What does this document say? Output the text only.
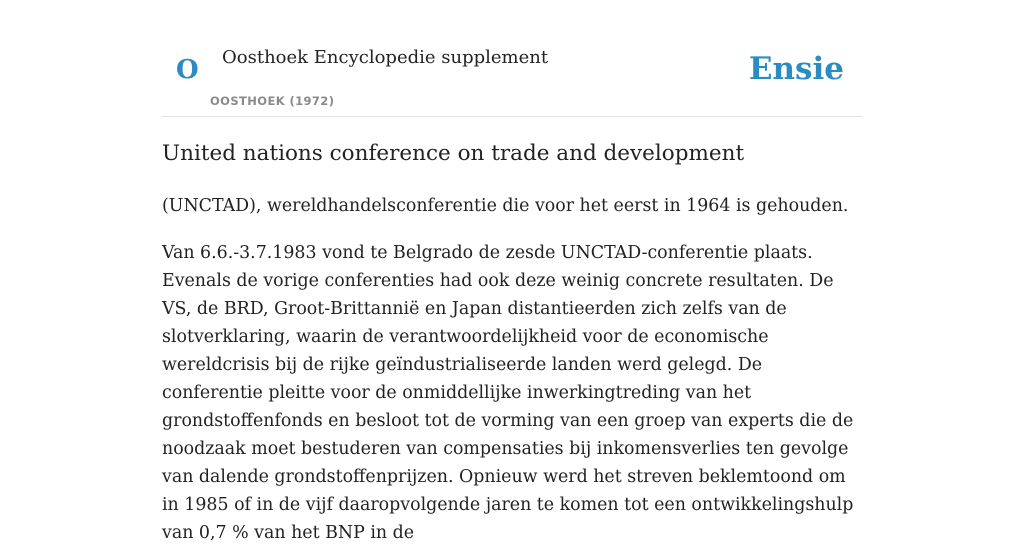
O Oosthoek Encyclopedie supplement
OOSTHOEK (1972)
Ensie
United nations conference on trade and development

(UNCTAD), wereldhandelsconferentie die voor het eerst in 1964 is gehouden.

Van 6.6.-3.7.1983 vond te Belgrado de zesde UNCTAD-conferentie plaats. Evenals de vorige conferenties had ook deze weinig concrete resultaten. De VS, de BRD, Groot-Brittannië en Japan distantieerden zich zelfs van de slotverklaring, waarin de verantwoordelijkheid voor de economische wereldcrisis bij de rijke geïndustrialiseerde landen werd gelegd. De conferentie pleitte voor de onmiddellijke inwerkingtreding van het grondstoffenfonds en besloot tot de vorming van een groep van experts die de noodzaak moet bestuderen van compensaties bij inkomensverlies ten gevolge van dalende grondstoffenprijzen. Opnieuw werd het streven beklemtoond om in 1985 of in de vijf daaropvolgende jaren te komen tot een ontwikkelingshulp van 0,7 % van het BNP in de
